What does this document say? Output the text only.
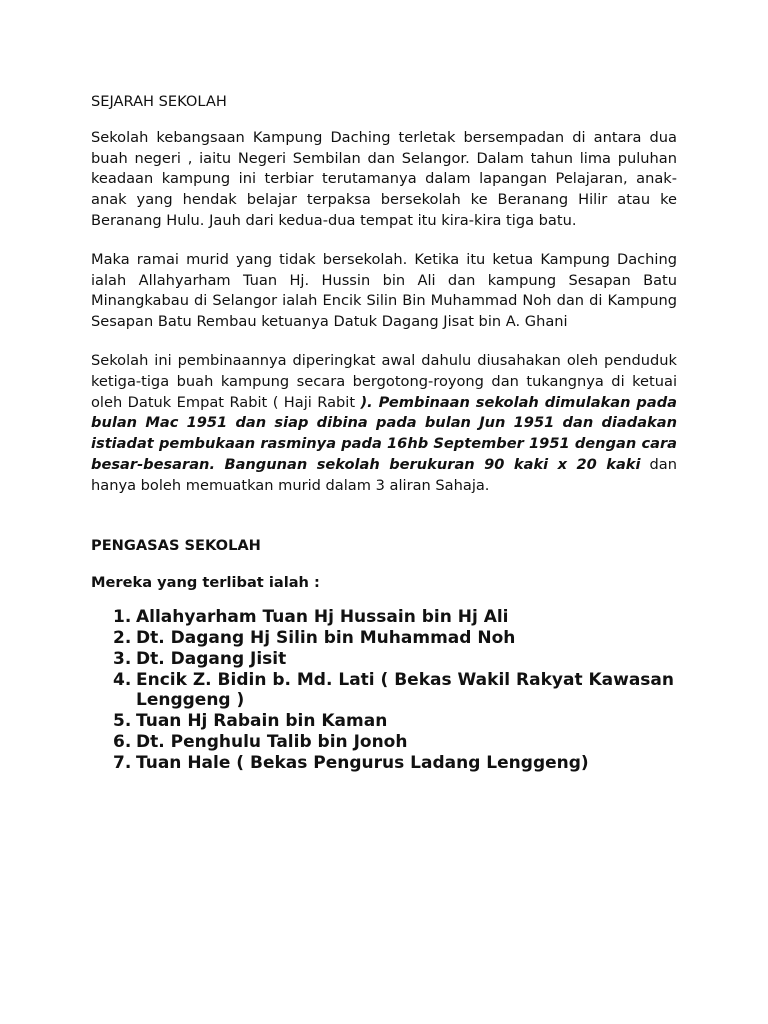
SEJARAH SEKOLAH

Sekolah kebangsaan Kampung Daching terletak bersempadan di antara dua buah negeri , iaitu Negeri Sembilan dan Selangor. Dalam tahun lima puluhan keadaan kampung ini terbiar terutamanya dalam lapangan Pelajaran, anak-anak yang hendak belajar terpaksa bersekolah ke Beranang Hilir atau ke Beranang Hulu. Jauh dari kedua-dua tempat itu kira-kira tiga batu.

Maka ramai murid yang tidak bersekolah. Ketika itu ketua Kampung Daching ialah Allahyarham Tuan Hj. Hussin bin Ali dan kampung Sesapan Batu Minangkabau di Selangor ialah Encik Silin Bin Muhammad Noh dan di Kampung Sesapan Batu Rembau ketuanya Datuk Dagang Jisat bin A. Ghani

Sekolah ini pembinaannya diperingkat awal dahulu diusahakan oleh penduduk ketiga-tiga buah kampung secara bergotong-royong dan tukangnya di ketuai oleh Datuk Empat Rabit ( Haji Rabit ). Pembinaan sekolah dimulakan pada bulan Mac 1951 dan siap dibina pada bulan Jun 1951 dan diadakan istiadat pembukaan rasminya pada 16hb September 1951 dengan cara besar-besaran. Bangunan sekolah berukuran 90 kaki x 20 kaki dan hanya boleh memuatkan murid dalam 3 aliran Sahaja.

PENGASAS SEKOLAH
Mereka yang terlibat ialah :
1. Allahyarham Tuan Hj Hussain bin Hj Ali
2. Dt. Dagang Hj Silin bin Muhammad Noh
3. Dt. Dagang Jisit
4. Encik Z. Bidin b. Md. Lati ( Bekas Wakil Rakyat Kawasan Lenggeng )
5. Tuan Hj Rabain bin Kaman
6. Dt. Penghulu Talib bin Jonoh
7. Tuan Hale ( Bekas Pengurus Ladang Lenggeng)
